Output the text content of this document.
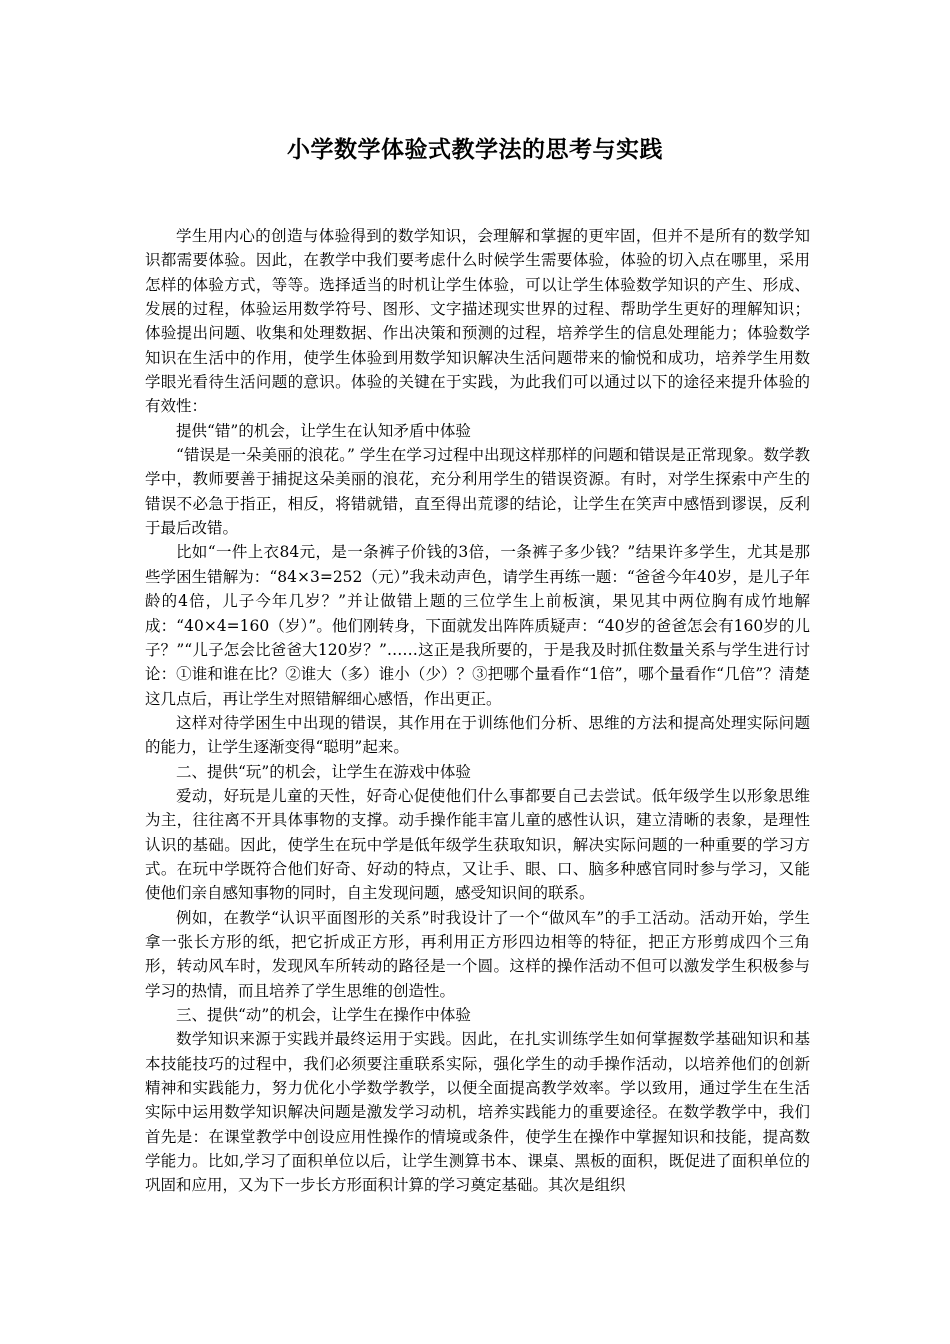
小学数学体验式教学法的思考与实践

学生用内心的创造与体验得到的数学知识，会理解和掌握的更牢固，但并不是所有的数学知识都需要体验。因此，在教学中我们要考虑什么时候学生需要体验，体验的切入点在哪里，采用怎样的体验方式，等等。选择适当的时机让学生体验，可以让学生体验数学知识的产生、形成、发展的过程，体验运用数学符号、图形、文字描述现实世界的过程、帮助学生更好的理解知识；体验提出问题、收集和处理数据、作出决策和预测的过程，培养学生的信息处理能力；体验数学知识在生活中的作用，使学生体验到用数学知识解决生活问题带来的愉悦和成功，培养学生用数学眼光看待生活问题的意识。体验的关键在于实践，为此我们可以通过以下的途径来提升体验的有效性：

提供“错”的机会，让学生在认知矛盾中体验

“错误是一朵美丽的浪花。” 学生在学习过程中出现这样那样的问题和错误是正常现象。数学教学中，教师要善于捕捉这朵美丽的浪花，充分利用学生的错误资源。有时，对学生探索中产生的错误不必急于指正，相反，将错就错，直至得出荒谬的结论，让学生在笑声中感悟到谬误，反利于最后改错。

比如“一件上衣84元，是一条裤子价钱的3倍，一条裤子多少钱？”结果许多学生，尤其是那些学困生错解为：“84×3=252（元）”我未动声色，请学生再练一题：“爸爸今年40岁，是儿子年龄的4倍，儿子今年几岁？”并让做错上题的三位学生上前板演，果见其中两位胸有成竹地解成：“40×4=160（岁）”。他们刚转身，下面就发出阵阵质疑声：“40岁的爸爸怎会有160岁的儿子？”“儿子怎会比爸爸大120岁？”……这正是我所要的，于是我及时抓住数量关系与学生进行讨论：①谁和谁在比？②谁大（多）谁小（少）？③把哪个量看作“1倍”，哪个量看作“几倍”？清楚这几点后，再让学生对照错解细心感悟，作出更正。

这样对待学困生中出现的错误，其作用在于训练他们分析、思维的方法和提高处理实际问题的能力，让学生逐渐变得“聪明”起来。

二、提供“玩”的机会，让学生在游戏中体验

爱动，好玩是儿童的天性，好奇心促使他们什么事都要自己去尝试。低年级学生以形象思维为主，往往离不开具体事物的支撑。动手操作能丰富儿童的感性认识，建立清晰的表象，是理性认识的基础。因此，使学生在玩中学是低年级学生获取知识，解决实际问题的一种重要的学习方式。在玩中学既符合他们好奇、好动的特点，又让手、眼、口、脑多种感官同时参与学习，又能使他们亲自感知事物的同时，自主发现问题，感受知识间的联系。

例如，在教学“认识平面图形的关系”时我设计了一个“做风车”的手工活动。活动开始，学生拿一张长方形的纸，把它折成正方形，再利用正方形四边相等的特征，把正方形剪成四个三角形，转动风车时，发现风车所转动的路径是一个圆。这样的操作活动不但可以激发学生积极参与学习的热情，而且培养了学生思维的创造性。

三、提供“动”的机会，让学生在操作中体验

数学知识来源于实践并最终运用于实践。因此，在扎实训练学生如何掌握数学基础知识和基本技能技巧的过程中，我们必须要注重联系实际，强化学生的动手操作活动，以培养他们的创新精神和实践能力，努力优化小学数学教学，以便全面提高教学效率。学以致用，通过学生在生活实际中运用数学知识解决问题是激发学习动机，培养实践能力的重要途径。在数学教学中，我们首先是：在课堂教学中创设应用性操作的情境或条件，使学生在操作中掌握知识和技能，提高数学能力。比如,学习了面积单位以后，让学生测算书本、课桌、黑板的面积，既促进了面积单位的巩固和应用，又为下一步长方形面积计算的学习奠定基础。其次是组织
